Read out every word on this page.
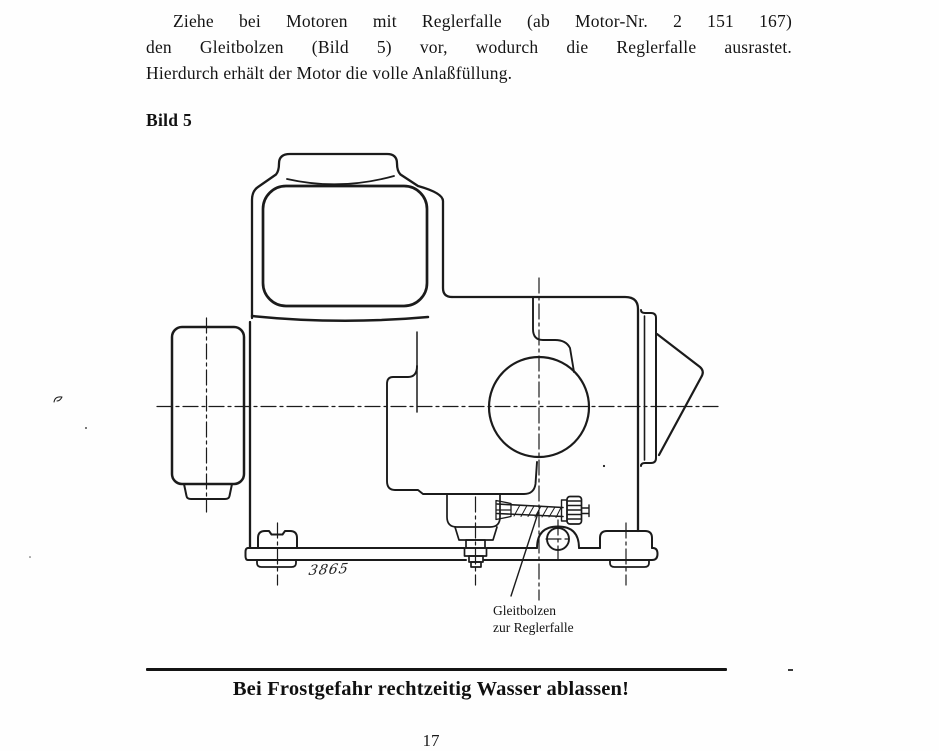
Ziehe bei Motoren mit Reglerfalle (ab Motor-Nr. 2 151 167)
den Gleitbolzen (Bild 5) vor, wodurch die Reglerfalle ausrastet.
Hierdurch erhält der Motor die volle Anlaßfüllung.
Bild 5
3865
Gleitbolzen
zur Reglerfalle
Bei Frostgefahr rechtzeitig Wasser ablassen!
17
